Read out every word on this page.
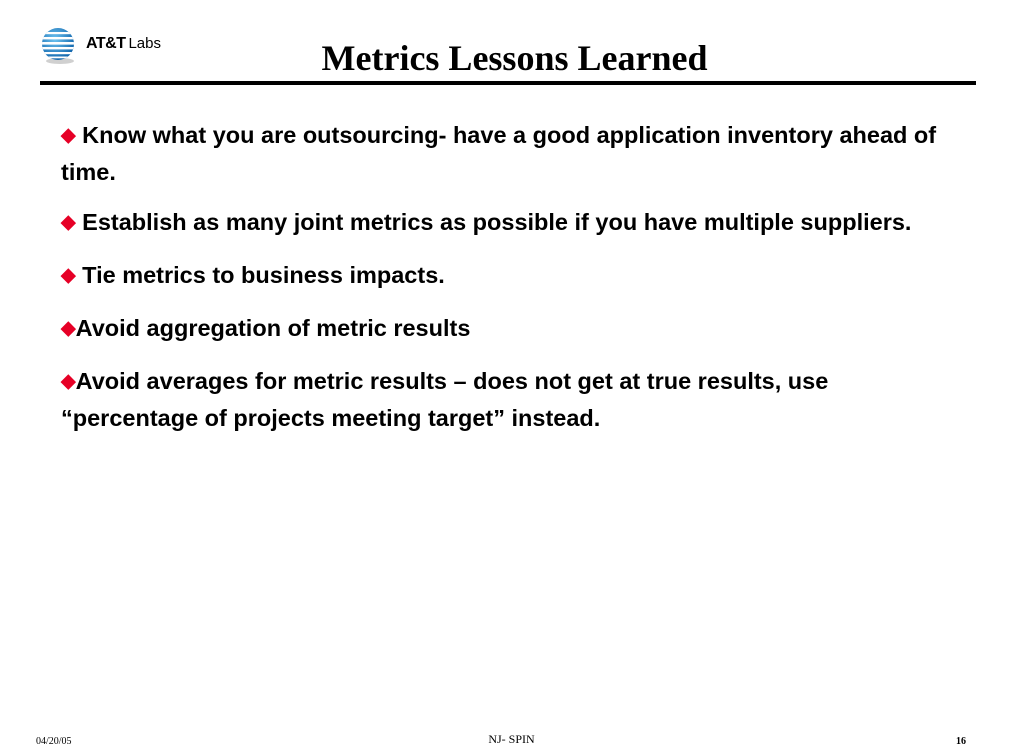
AT&T Labs	Metrics Lessons Learned

◆ Know what you are outsourcing- have a good application inventory ahead of time.

◆ Establish as many joint metrics as possible if you have multiple suppliers.

◆ Tie metrics to business impacts.

◆Avoid aggregation of metric results

◆Avoid averages for metric results – does not get at true results, use “percentage of projects meeting target” instead.

04/20/05	NJ- SPIN	16
